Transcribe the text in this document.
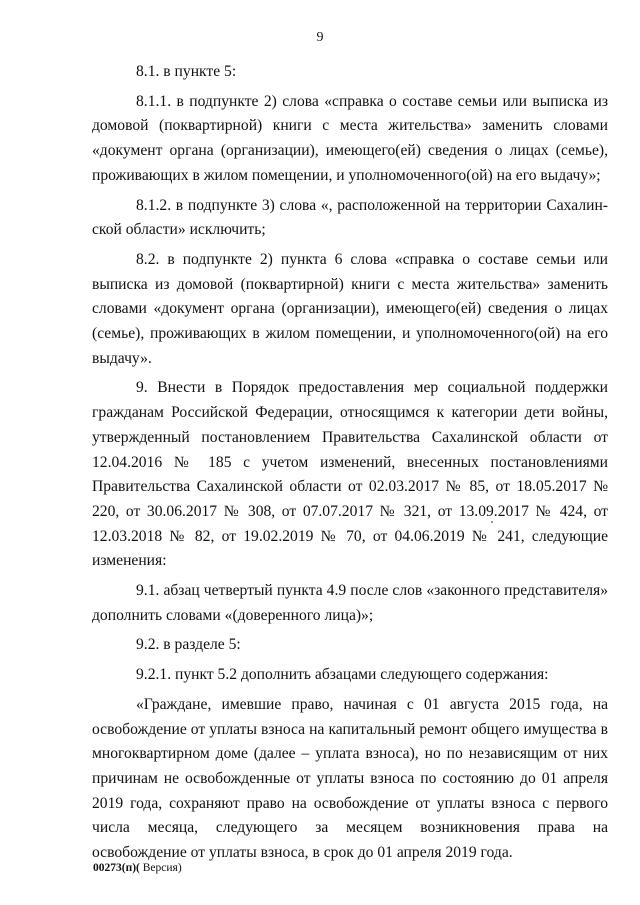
9

8.1. в пункте 5:

8.1.1. в подпункте 2) слова «справка о составе семьи или выписка из домовой (поквартирной) книги с места жительства» заменить словами «документ органа (организации), имеющего(ей) сведения о лицах (семье), проживающих в жилом помещении, и уполномоченного(ой) на его выдачу»;

8.1.2. в подпункте 3) слова «, расположенной на территории Сахалинской области» исключить;

8.2. в подпункте 2) пункта 6 слова «справка о составе семьи или выписка из домовой (поквартирной) книги с места жительства» заменить словами «документ органа (организации), имеющего(ей) сведения о лицах (семье), проживающих в жилом помещении, и уполномоченного(ой) на его выдачу».

9. Внести в Порядок предоставления мер социальной поддержки гражданам Российской Федерации, относящимся к категории дети войны, утвержденный постановлением Правительства Сахалинской области от 12.04.2016 № 185 с учетом изменений, внесенных постановлениями Правительства Сахалинской области от 02.03.2017 № 85, от 18.05.2017 № 220, от 30.06.2017 № 308, от 07.07.2017 № 321, от 13.09.2017 № 424, от 12.03.2018 № 82, от 19.02.2019 № 70, от 04.06.2019 № 241, следующие изменения:

9.1. абзац четвертый пункта 4.9 после слов «законного представителя» дополнить словами «(доверенного лица)»;

9.2. в разделе 5:

9.2.1. пункт 5.2 дополнить абзацами следующего содержания:

«Граждане, имевшие право, начиная с 01 августа 2015 года, на освобождение от уплаты взноса на капитальный ремонт общего имущества в многоквартирном доме (далее – уплата взноса), но по независящим от них причинам не освобожденные от уплаты взноса по состоянию до 01 апреля 2019 года, сохраняют право на освобождение от уплаты взноса с первого числа месяца, следующего за месяцем возникновения права на освобождение от уплаты взноса, в срок до 01 апреля 2019 года.

00273(п)( Версия)
